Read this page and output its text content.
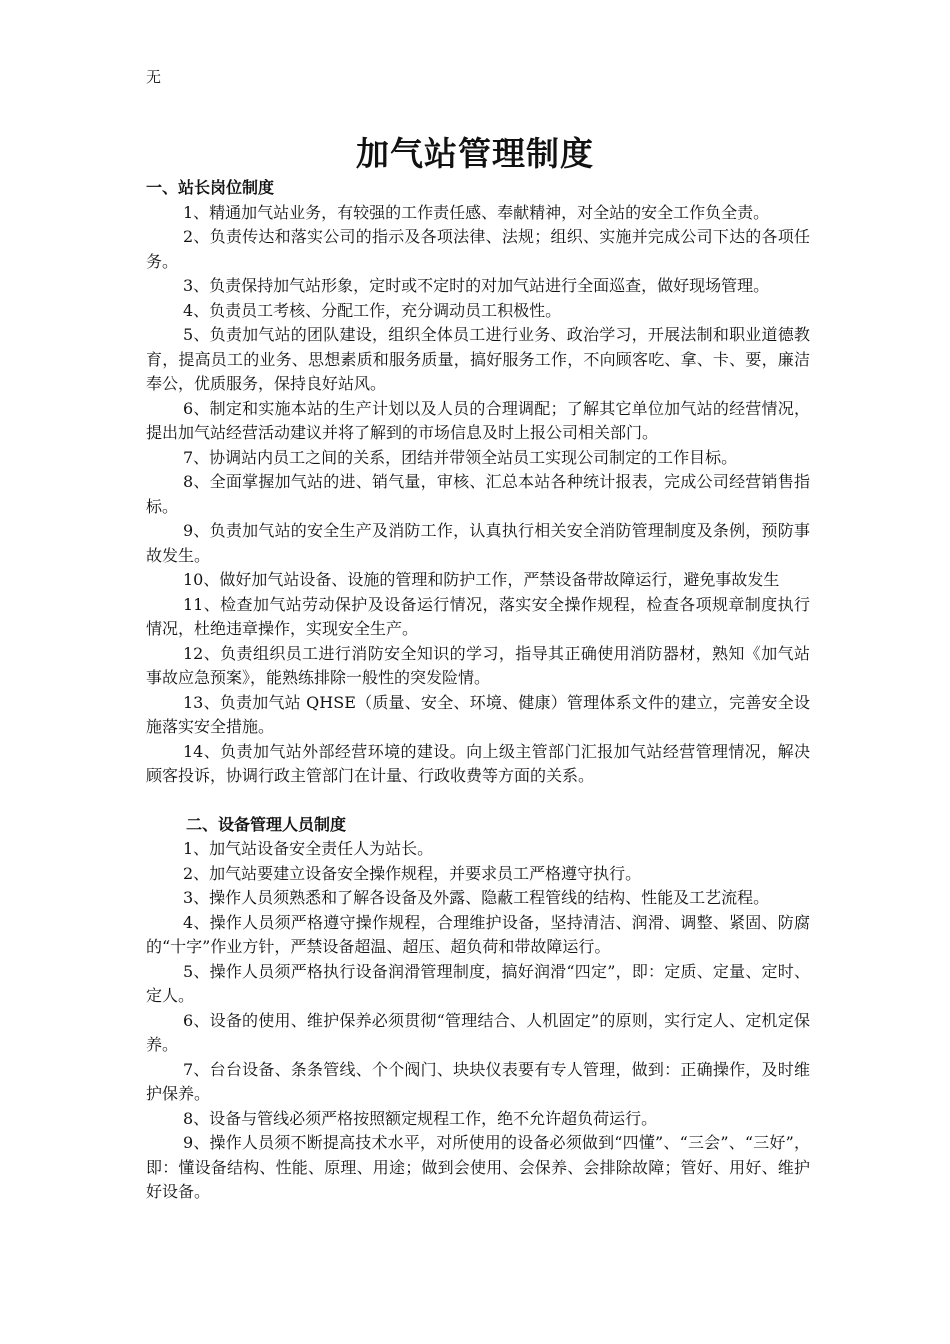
无
加气站管理制度

一、站长岗位制度

1、精通加气站业务，有较强的工作责任感、奉献精神，对全站的安全工作负全责。

2、负责传达和落实公司的指示及各项法律、法规；组织、实施并完成公司下达的各项任务。

3、负责保持加气站形象，定时或不定时的对加气站进行全面巡查，做好现场管理。

4、负责员工考核、分配工作，充分调动员工积极性。

5、负责加气站的团队建设，组织全体员工进行业务、政治学习，开展法制和职业道德教育，提高员工的业务、思想素质和服务质量，搞好服务工作，不向顾客吃、拿、卡、要，廉洁奉公，优质服务，保持良好站风。

6、制定和实施本站的生产计划以及人员的合理调配；了解其它单位加气站的经营情况，提出加气站经营活动建议并将了解到的市场信息及时上报公司相关部门。

7、协调站内员工之间的关系，团结并带领全站员工实现公司制定的工作目标。

8、全面掌握加气站的进、销气量，审核、汇总本站各种统计报表，完成公司经营销售指标。

9、负责加气站的安全生产及消防工作，认真执行相关安全消防管理制度及条例，预防事故发生。

10、做好加气站设备、设施的管理和防护工作，严禁设备带故障运行，避免事故发生

11、检查加气站劳动保护及设备运行情况，落实安全操作规程，检查各项规章制度执行情况，杜绝违章操作，实现安全生产。

12、负责组织员工进行消防安全知识的学习，指导其正确使用消防器材，熟知《加气站事故应急预案》，能熟练排除一般性的突发险情。

13、负责加气站 QHSE（质量、安全、环境、健康）管理体系文件的建立，完善安全设施落实安全措施。

14、负责加气站外部经营环境的建设。向上级主管部门汇报加气站经营管理情况，解决顾客投诉，协调行政主管部门在计量、行政收费等方面的关系。

二、设备管理人员制度

1、加气站设备安全责任人为站长。

2、加气站要建立设备安全操作规程，并要求员工严格遵守执行。

3、操作人员须熟悉和了解各设备及外露、隐蔽工程管线的结构、性能及工艺流程。

4、操作人员须严格遵守操作规程，合理维护设备，坚持清洁、润滑、调整、紧固、防腐的“十字”作业方针，严禁设备超温、超压、超负荷和带故障运行。

5、操作人员须严格执行设备润滑管理制度，搞好润滑“四定”，即：定质、定量、定时、定人。

6、设备的使用、维护保养必须贯彻“管理结合、人机固定”的原则，实行定人、定机定保养。

7、台台设备、条条管线、个个阀门、块块仪表要有专人管理，做到：正确操作，及时维护保养。

8、设备与管线必须严格按照额定规程工作，绝不允许超负荷运行。

9、操作人员须不断提高技术水平，对所使用的设备必须做到“四懂”、“三会”、“三好”，即：懂设备结构、性能、原理、用途；做到会使用、会保养、会排除故障；管好、用好、维护好设备。
